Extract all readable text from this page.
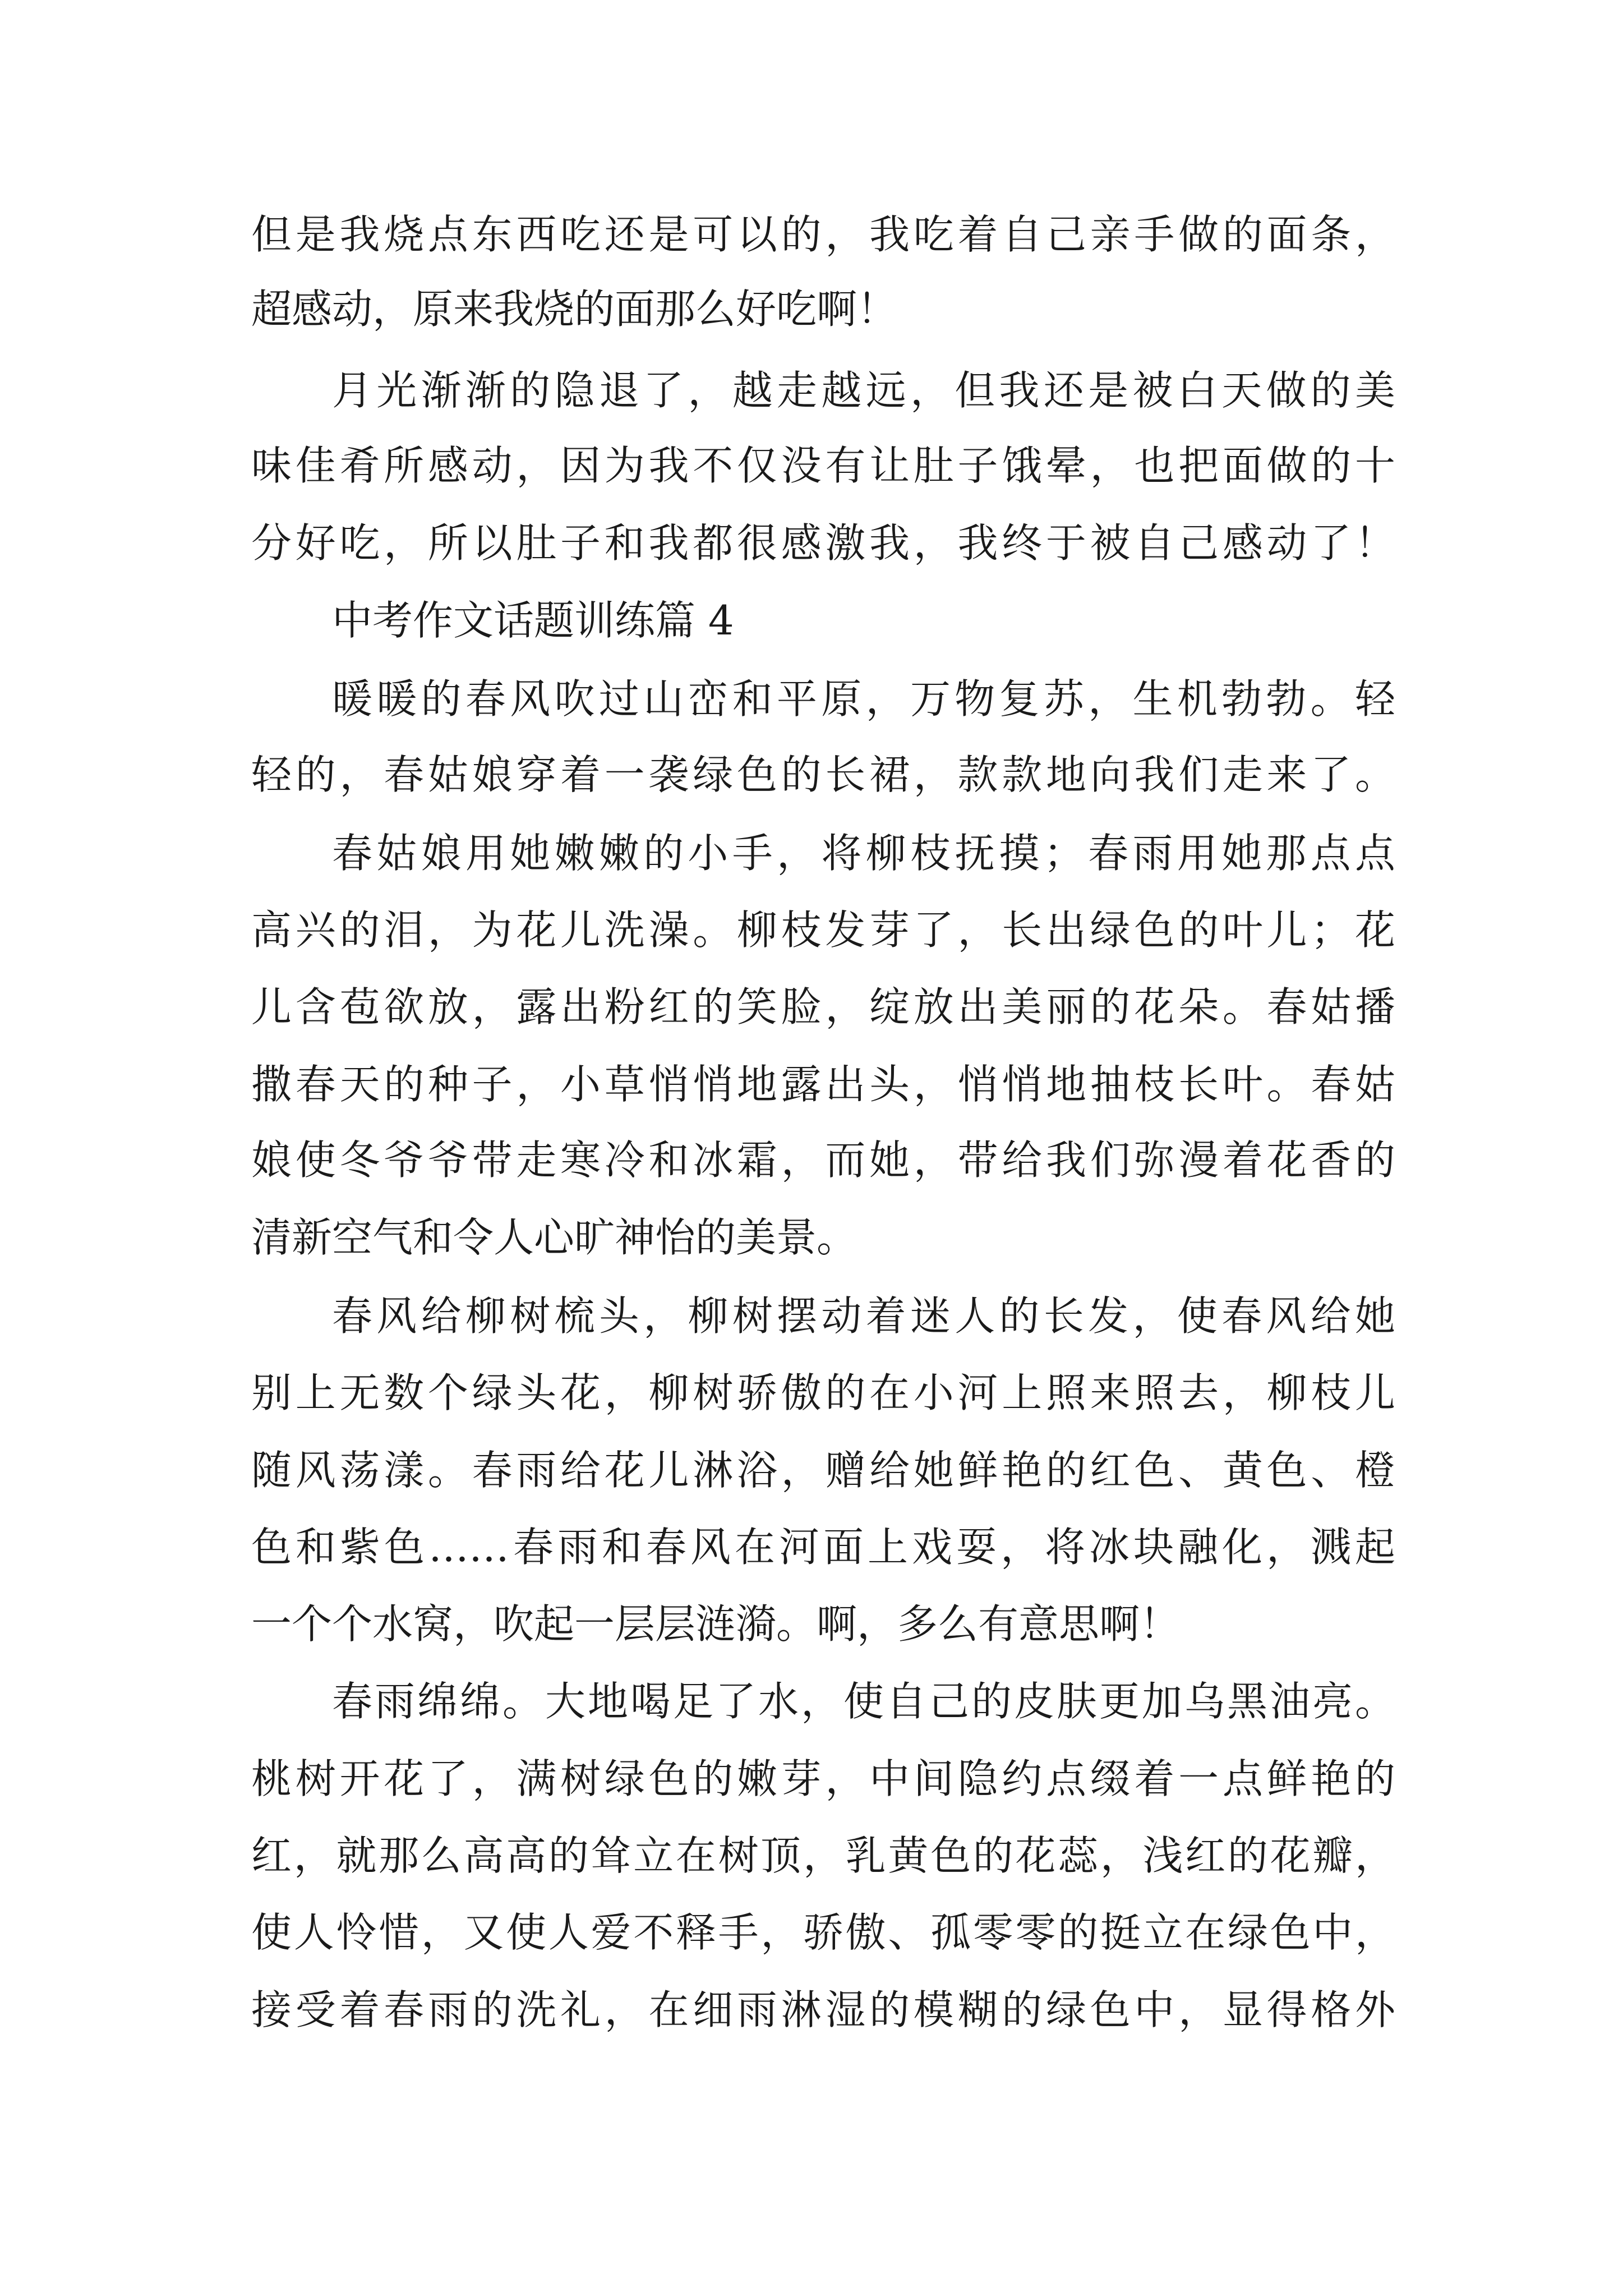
但是我烧点东西吃还是可以的，我吃着自己亲手做的面条，
超感动，原来我烧的面那么好吃啊！
月光渐渐的隐退了，越走越远，但我还是被白天做的美
味佳肴所感动，因为我不仅没有让肚子饿晕，也把面做的十
分好吃，所以肚子和我都很感激我，我终于被自己感动了！
中考作文话题训练篇 4
暖暖的春风吹过山峦和平原，万物复苏，生机勃勃。轻
轻的，春姑娘穿着一袭绿色的长裙，款款地向我们走来了。
春姑娘用她嫩嫩的小手，将柳枝抚摸；春雨用她那点点
高兴的泪，为花儿洗澡。柳枝发芽了，长出绿色的叶儿；花
儿含苞欲放，露出粉红的笑脸，绽放出美丽的花朵。春姑播
撒春天的种子，小草悄悄地露出头，悄悄地抽枝长叶。春姑
娘使冬爷爷带走寒冷和冰霜，而她，带给我们弥漫着花香的
清新空气和令人心旷神怡的美景。
春风给柳树梳头，柳树摆动着迷人的长发，使春风给她
别上无数个绿头花，柳树骄傲的在小河上照来照去，柳枝儿
随风荡漾。春雨给花儿淋浴，赠给她鲜艳的红色、黄色、橙
色和紫色……春雨和春风在河面上戏耍，将冰块融化，溅起
一个个水窝，吹起一层层涟漪。啊，多么有意思啊！
春雨绵绵。大地喝足了水，使自己的皮肤更加乌黑油亮。
桃树开花了，满树绿色的嫩芽，中间隐约点缀着一点鲜艳的
红，就那么高高的耸立在树顶，乳黄色的花蕊，浅红的花瓣，
使人怜惜，又使人爱不释手，骄傲、孤零零的挺立在绿色中，
接受着春雨的洗礼，在细雨淋湿的模糊的绿色中，显得格外
